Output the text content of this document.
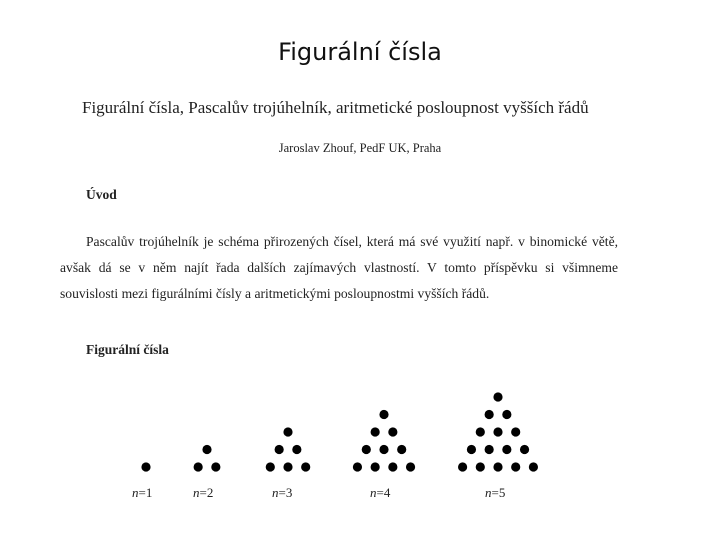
Figurální čísla
Figurální čísla, Pascalův trojúhelník, aritmetické posloupnost vyšších řádů
Jaroslav Zhouf, PedF UK, Praha
Úvod

Pascalův trojúhelník je schéma přirozených čísel, která má své využití např. v binomické větě, avšak dá se v něm najít řada dalších zajímavých vlastností. V tomto příspěvku si všimneme souvislosti mezi figurálními čísly a aritmetickými posloupnostmi vyšších řádů.

Figurální čísla
n=1	n=2	n=3	n=4	n=5
